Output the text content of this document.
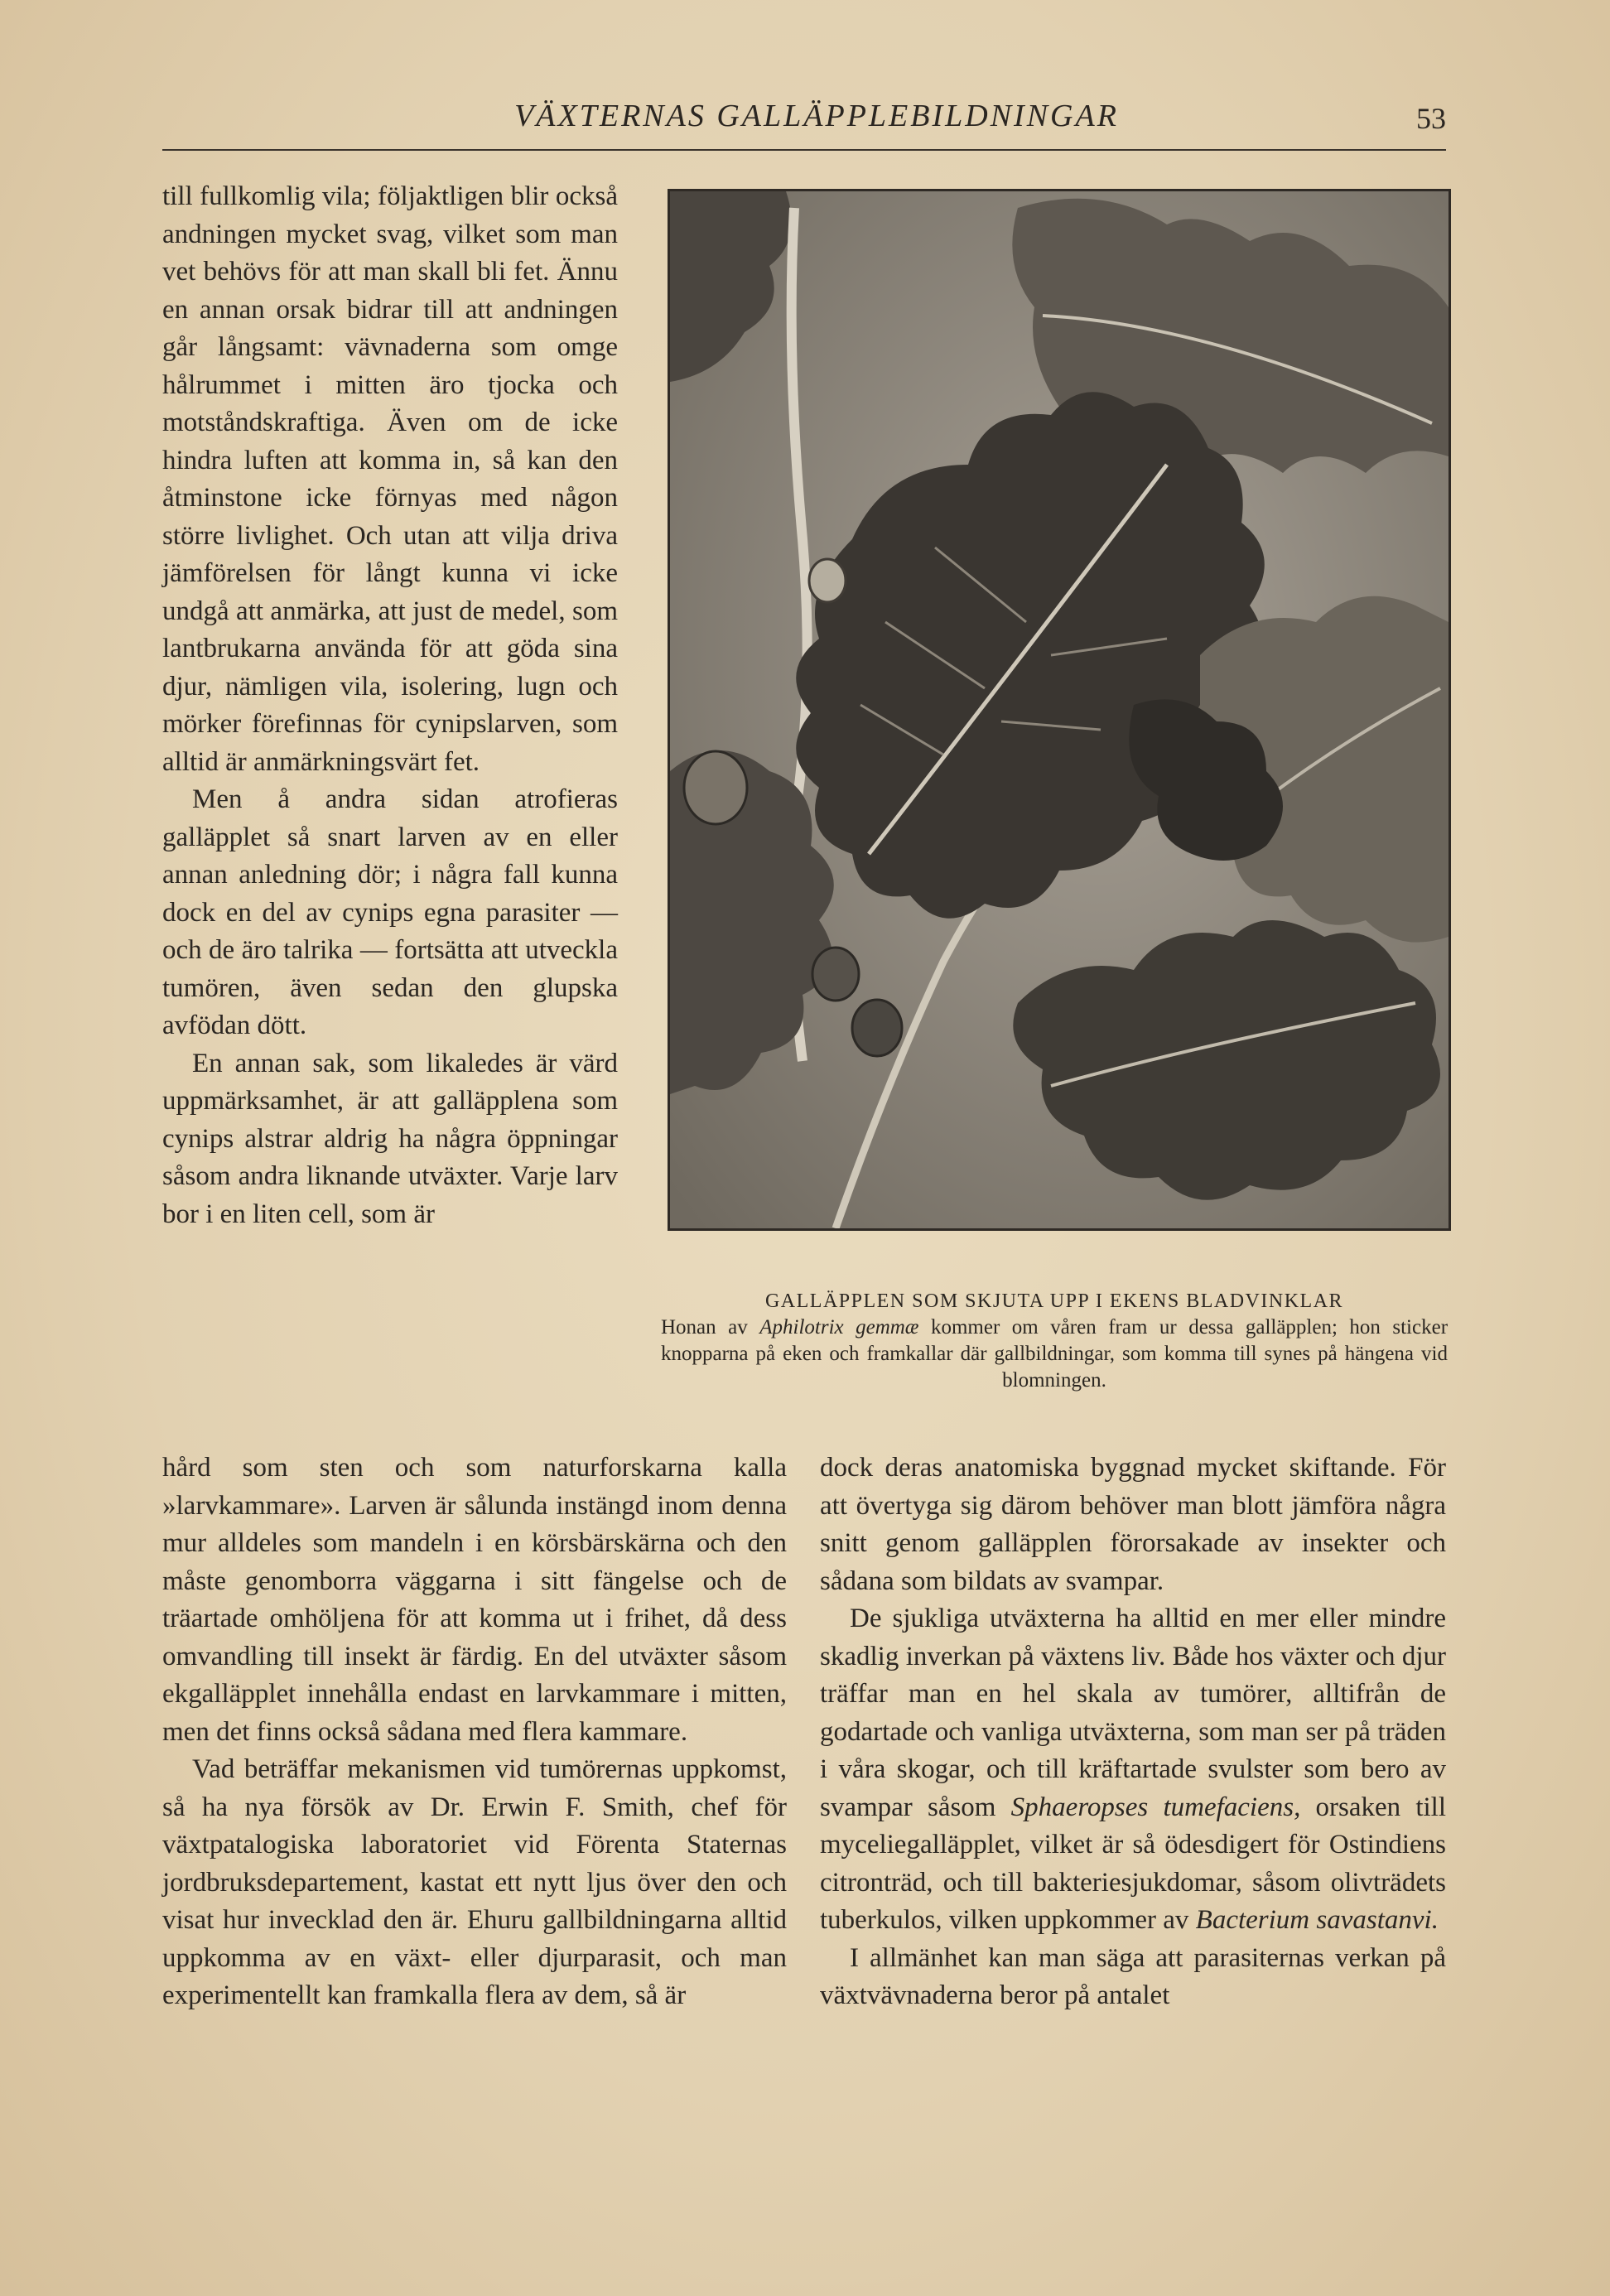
VÄXTERNAS GALLÄPPLEBILDNINGAR	53

till fullkomlig vila; följaktligen blir också andningen mycket svag, vilket som man vet behövs för att man skall bli fet. Ännu en annan orsak bidrar till att andningen går långsamt: vävnaderna som omge hålrummet i mitten äro tjocka och motståndskraftiga. Även om de icke hindra luften att komma in, så kan den åtminstone icke förnyas med någon större livlighet. Och utan att vilja driva jämförelsen för långt kunna vi icke undgå att anmärka, att just de medel, som lantbrukarna använda för att göda sina djur, nämligen vila, isolering, lugn och mörker förefinnas för cynipslarven, som alltid är anmärkningsvärt fet.

Men å andra sidan atrofieras galläpplet så snart larven av en eller annan anledning dör; i några fall kunna dock en del av cynips egna parasiter — och de äro talrika — fortsätta att utveckla tumören, även sedan den glupska avfödan dött.

En annan sak, som likaledes är värd uppmärksamhet, är att galläpplena som cynips alstrar aldrig ha några öppningar såsom andra liknande utväxter. Varje larv bor i en liten cell, som är

GALLÄPPLEN SOM SKJUTA UPP I EKENS BLADVINKLAR
Honan av Aphilotrix gemmæ kommer om våren fram ur dessa galläpplen; hon sticker knopparna på eken och framkallar där gallbildningar, som komma till synes på hängena vid blomningen.

hård som sten och som naturforskarna kalla »larvkammare». Larven är sålunda instängd inom denna mur alldeles som mandeln i en körsbärskärna och den måste genomborra väggarna i sitt fängelse och de träartade omhöljena för att komma ut i frihet, då dess omvandling till insekt är färdig. En del utväxter såsom ekgalläpplet innehålla endast en larvkammare i mitten, men det finns också sådana med flera kammare.

Vad beträffar mekanismen vid tumörernas uppkomst, så ha nya försök av Dr. Erwin F. Smith, chef för växtpatalogiska laboratoriet vid Förenta Staternas jordbruksdepartement, kastat ett nytt ljus över den och visat hur invecklad den är. Ehuru gallbildningarna alltid uppkomma av en växt- eller djurparasit, och man experimentellt kan framkalla flera av dem, så är

dock deras anatomiska byggnad mycket skiftande. För att övertyga sig därom behöver man blott jämföra några snitt genom galläpplen förorsakade av insekter och sådana som bildats av svampar.

De sjukliga utväxterna ha alltid en mer eller mindre skadlig inverkan på växtens liv. Både hos växter och djur träffar man en hel skala av tumörer, alltifrån de godartade och vanliga utväxterna, som man ser på träden i våra skogar, och till kräftartade svulster som bero av svampar såsom Sphaeropses tumefaciens, orsaken till myceliegalläpplet, vilket är så ödesdigert för Ostindiens citronträd, och till bakteriesjukdomar, såsom olivträdets tuberkulos, vilken uppkommer av Bacterium savastanvi.

I allmänhet kan man säga att parasiternas verkan på växtvävnaderna beror på antalet
